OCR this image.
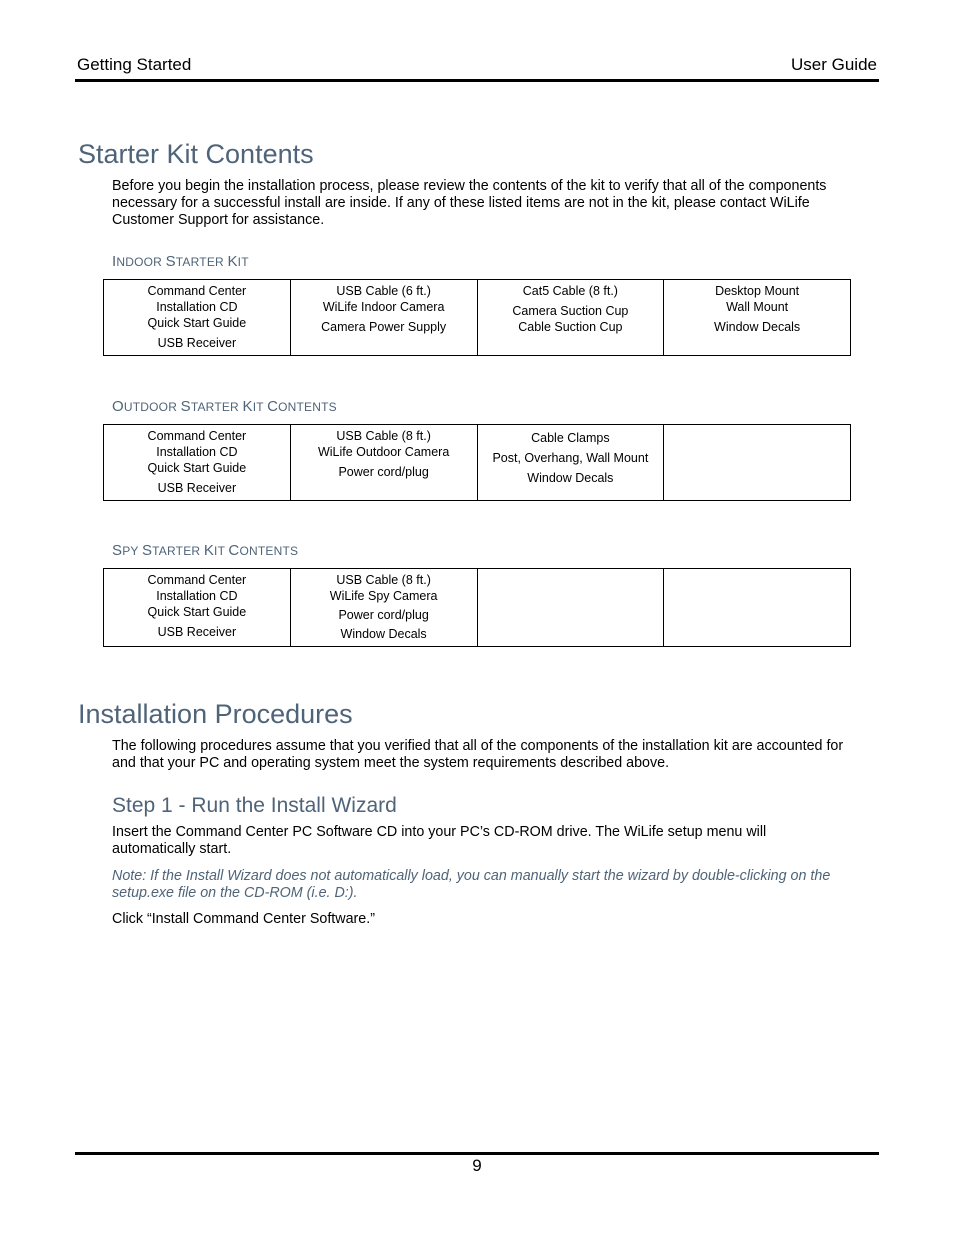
Getting Started	User Guide
Starter Kit Contents

Before you begin the installation process, please review the contents of the kit to verify that all of the components necessary for a successful install are inside. If any of these listed items are not in the kit, please contact WiLife Customer Support for assistance.

INDOOR STARTER KIT
Command Center
Installation CD
Quick Start Guide
USB Receiver

USB Cable (6 ft.)
WiLife Indoor Camera
Camera Power Supply

Cat5 Cable (8 ft.)
Camera Suction Cup
Cable Suction Cup

Desktop Mount
Wall Mount
Window Decals
OUTDOOR STARTER KIT CONTENTS
Command Center
Installation CD
Quick Start Guide
USB Receiver

USB Cable (8 ft.)
WiLife Outdoor Camera
Power cord/plug

Cable Clamps
Post, Overhang, Wall Mount
Window Decals

SPY STARTER KIT CONTENTS
Command Center
Installation CD
Quick Start Guide
USB Receiver

USB Cable (8 ft.)
WiLife Spy Camera
Power cord/plug
Window Decals

Installation Procedures

The following procedures assume that you verified that all of the components of the installation kit are accounted for and that your PC and operating system meet the system requirements described above.

Step 1 - Run the Install Wizard

Insert the Command Center PC Software CD into your PC’s CD-ROM drive. The WiLife setup menu will automatically start.

Note: If the Install Wizard does not automatically load, you can manually start the wizard by double-clicking on the setup.exe file on the CD-ROM (i.e. D:).

Click “Install Command Center Software.”

9
